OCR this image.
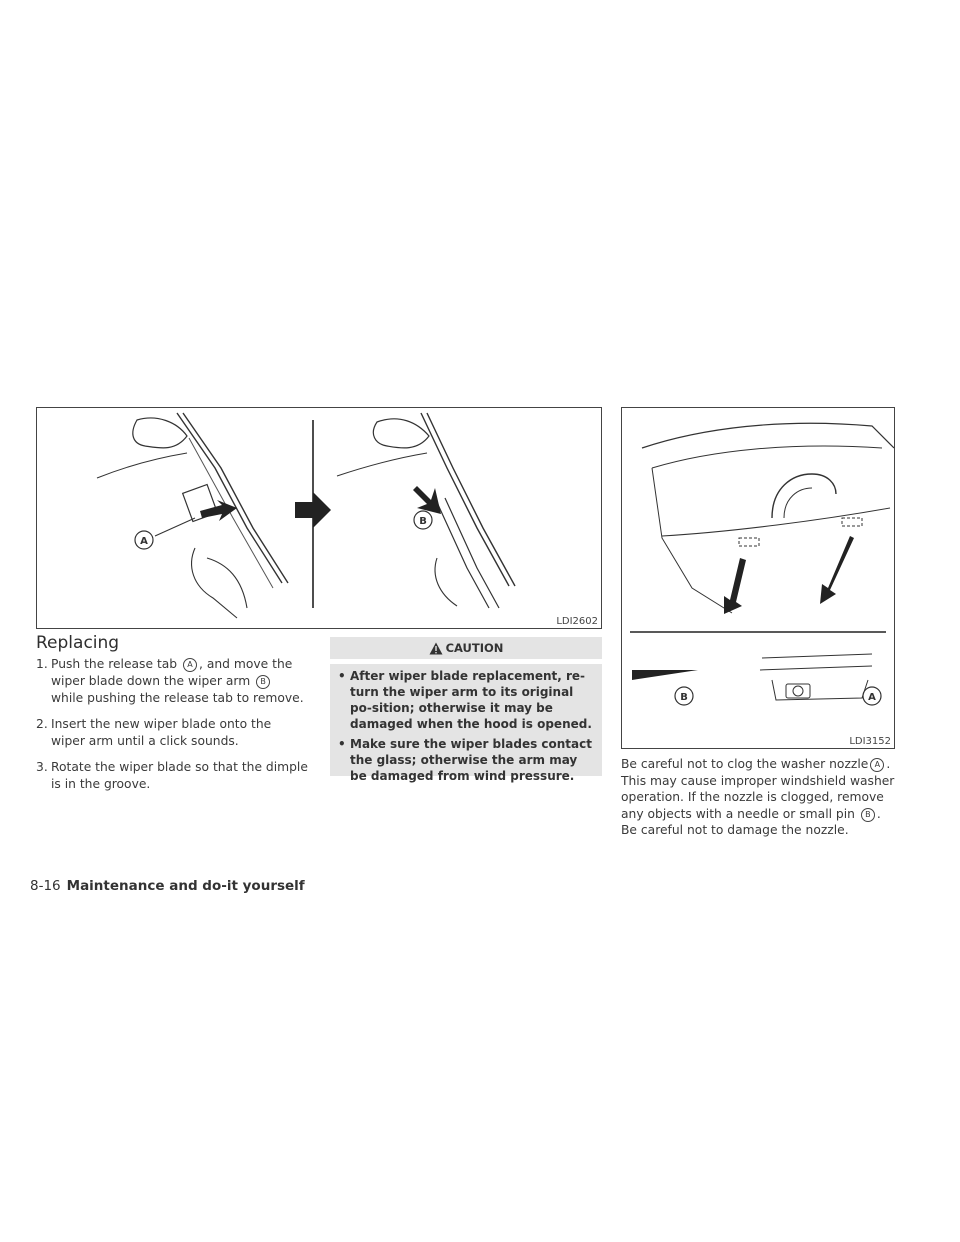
A
B
LDI2602
B	A
LDI3152
Replacing
1. Push the release tab A , and move the wiper blade down the wiper arm B while pushing the release tab to remove.
2. Insert the new wiper blade onto the wiper arm until a click sounds.
3. Rotate the wiper blade so that the dimple is in the groove.
CAUTION
• After wiper blade replacement, re-turn the wiper arm to its original po-sition; otherwise it may be damaged when the hood is opened.
• Make sure the wiper blades contact the glass; otherwise the arm may be damaged from wind pressure.
Be careful not to clog the washer nozzle A . This may cause improper windshield washer operation. If the nozzle is clogged, remove any objects with a needle or small pin B . Be careful not to damage the nozzle.
8-16 Maintenance and do-it yourself
